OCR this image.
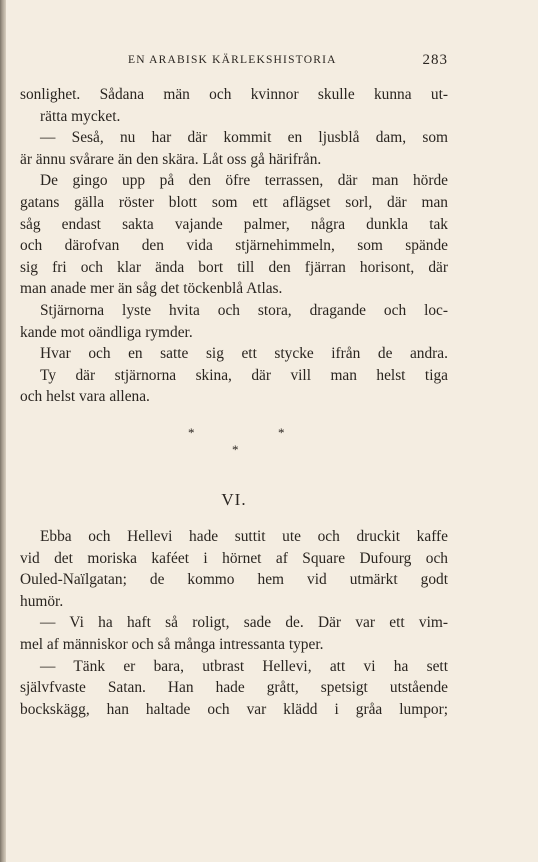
EN ARABISK KÄRLEKSHISTORIA	283
sonlighet. Sådana män och kvinnor skulle kunna ut-
rätta mycket.
— Seså, nu har där kommit en ljusblå dam, som
är ännu svårare än den skära. Låt oss gå härifrån.
De gingo upp på den öfre terrassen, där man hörde
gatans gälla röster blott som ett aflägset sorl, där man
såg endast sakta vajande palmer, några dunkla tak
och därofvan den vida stjärnehimmeln, som spände
sig fri och klar ända bort till den fjärran horisont, där
man anade mer än såg det töckenblå Atlas.
Stjärnorna lyste hvita och stora, dragande och loc-
kande mot oändliga rymder.
Hvar och en satte sig ett stycke ifrån de andra.
Ty där stjärnorna skina, där vill man helst tiga
och helst vara allena.
*	*
*
VI.
Ebba och Hellevi hade suttit ute och druckit kaffe
vid det moriska kaféet i hörnet af Square Dufourg och
Ouled-Naïlgatan; de kommo hem vid utmärkt godt
humör.
— Vi ha haft så roligt, sade de. Där var ett vim-
mel af människor och så många intressanta typer.
— Tänk er bara, utbrast Hellevi, att vi ha sett
självfvaste Satan. Han hade grått, spetsigt utstående
bockskägg, han haltade och var klädd i gråa lumpor;
